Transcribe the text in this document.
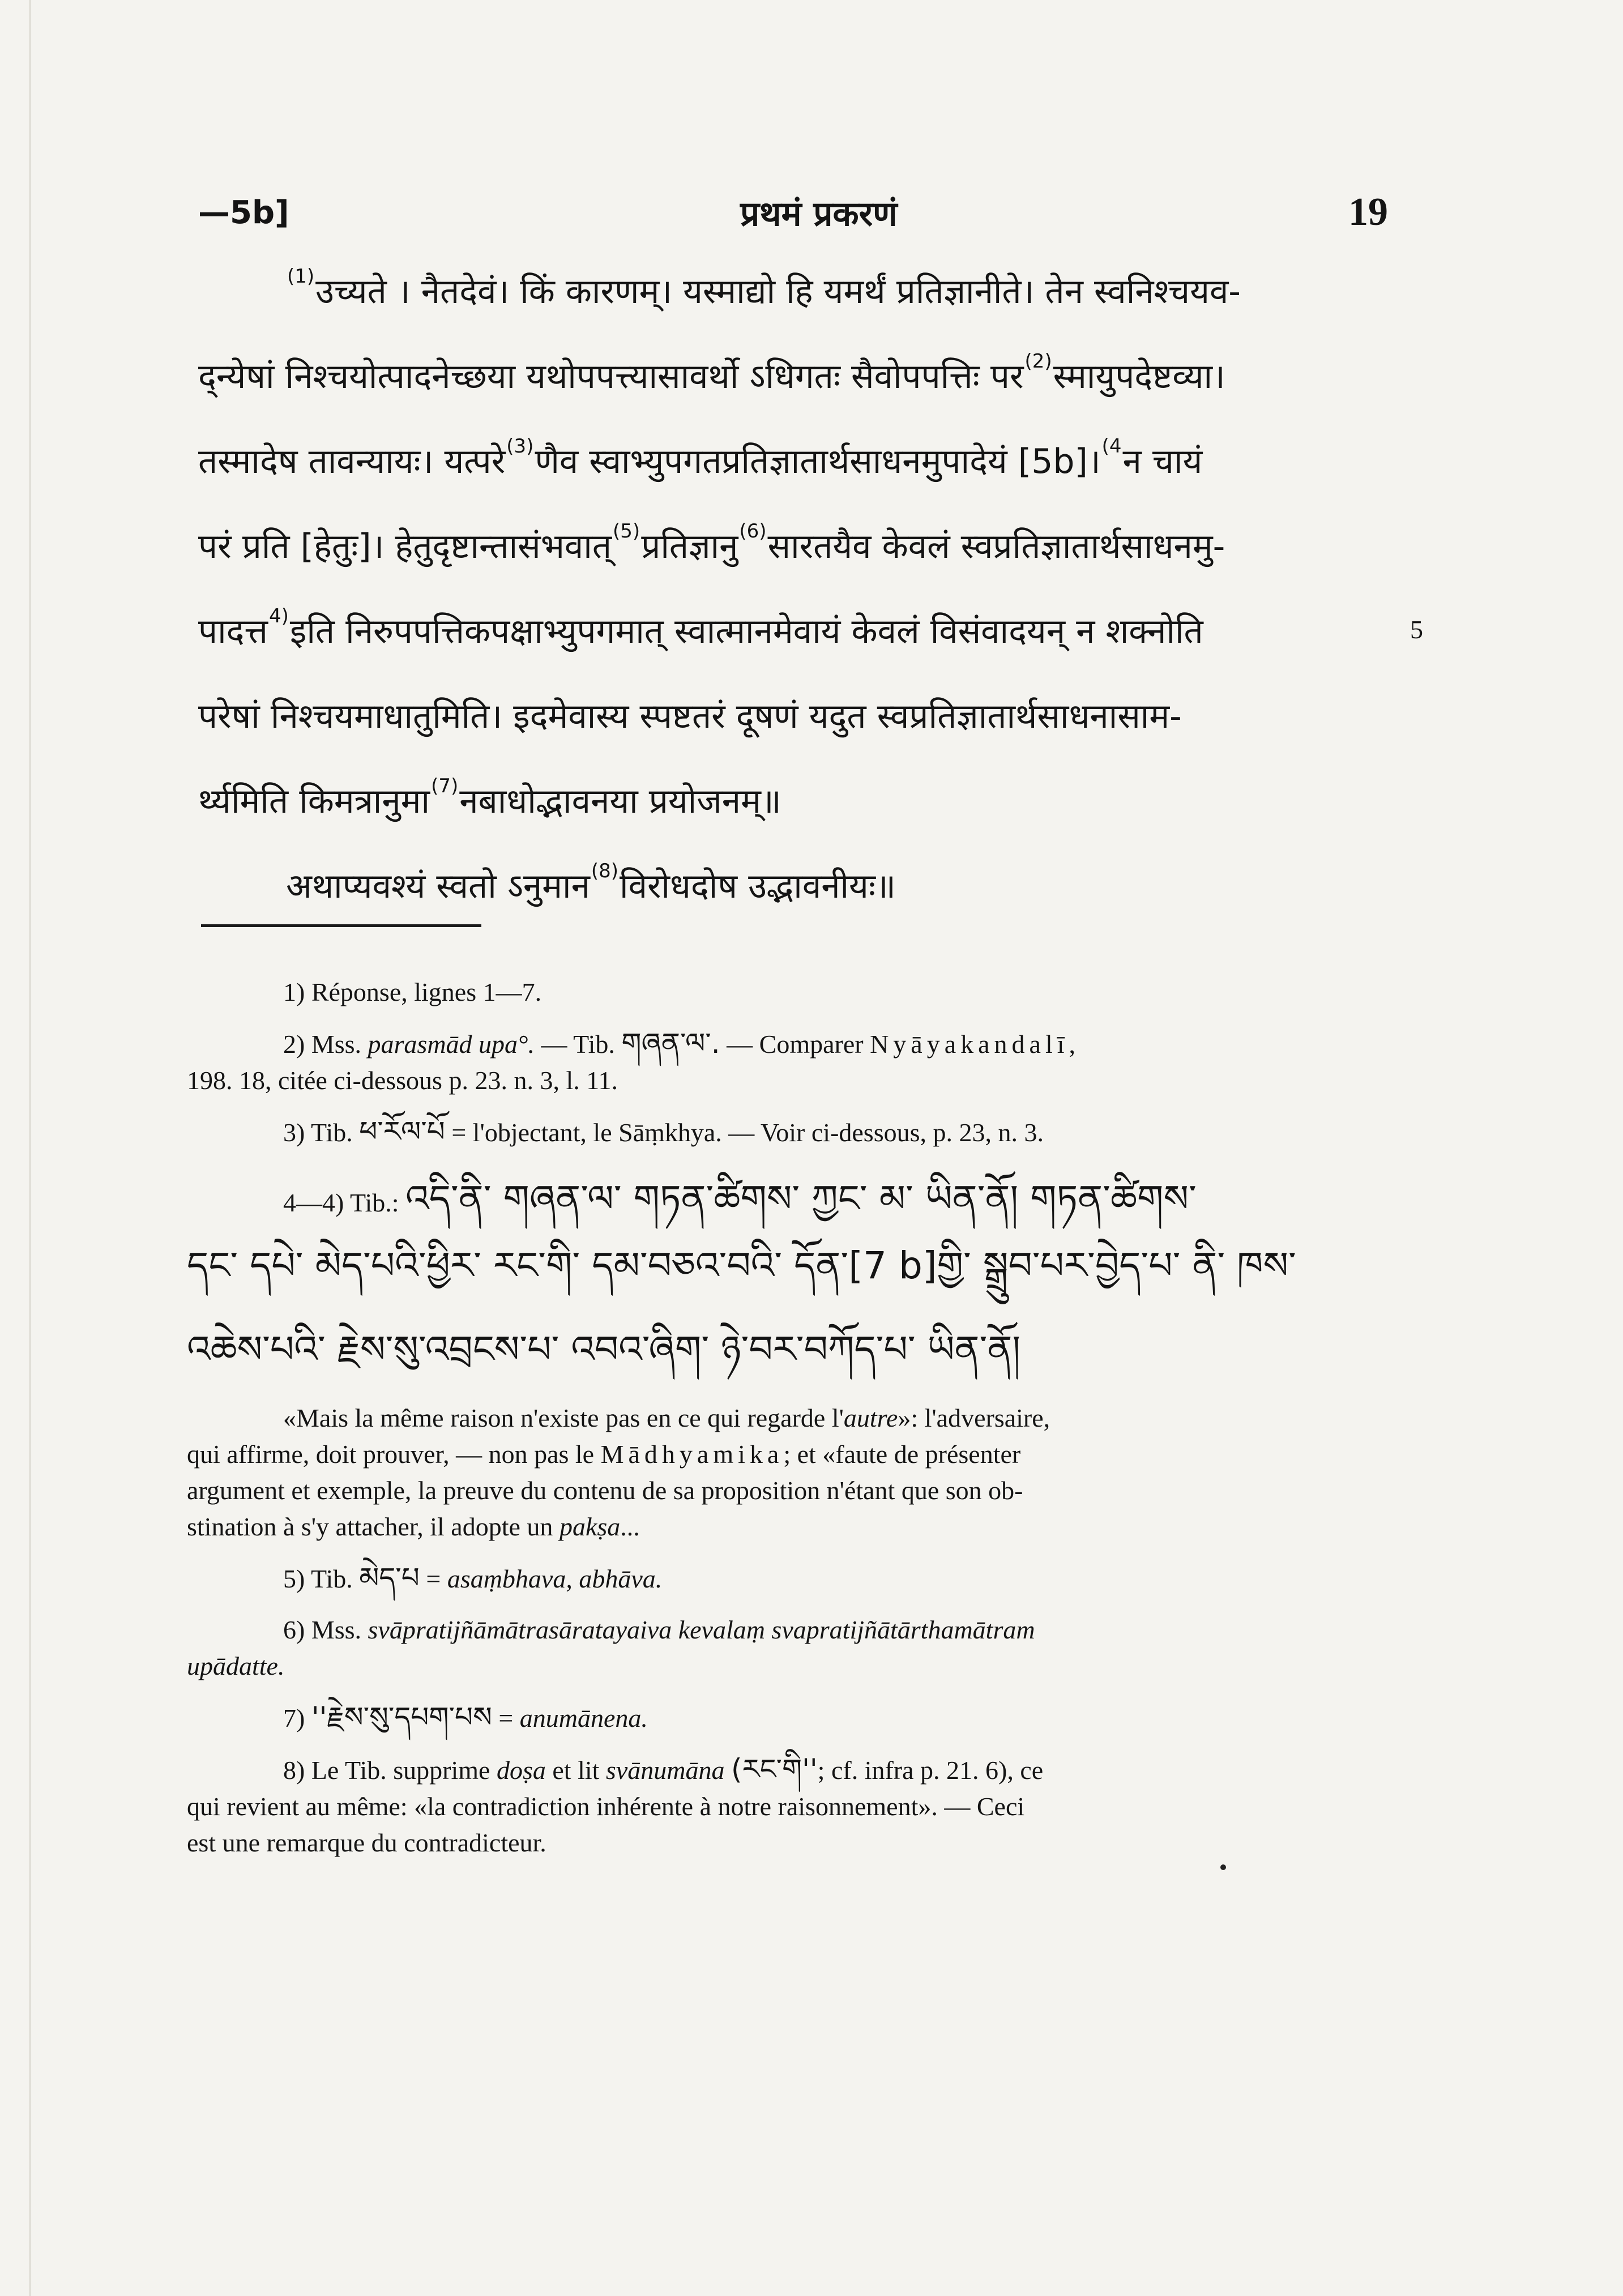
—5b]	प्रथमं प्रकरणं	19
$^{(1)}$उच्यते । नैतदेवं। किं कारणम्। यस्माद्यो हि यमर्थं प्रतिज्ञानीते। तेन स्वनिश्चयव-
द्न्येषां निश्चयोत्पादनेच्छया यथोपपत्त्यासावर्थो ऽधिगतः सैवोपपत्तिः पर$^{(2)}$स्मायुपदेष्टव्या।
तस्मादेष तावन्यायः। यत्परे$^{(3)}$णैव स्वाभ्युपगतप्रतिज्ञातार्थसाधनमुपादेयं [5b]।$^{(4}$न चायं
परं प्रति [हेतुः]। हेतुदृष्टान्तासंभवात्$^{(5)}$प्रतिज्ञानु$^{(6)}$सारतयैव केवलं स्वप्रतिज्ञातार्थसाधनमु-
पादत्त$^{4)}$इति निरुपपत्तिकपक्षाभ्युपगमात् स्वात्मानमेवायं केवलं विसंवादयन् न शक्नोति
परेषां निश्चयमाधातुमिति। इदमेवास्य स्पष्टतरं दूषणं यदुत स्वप्रतिज्ञातार्थसाधनासाम-
र्थ्यमिति किमत्रानुमा$^{(7)}$नबाधोद्भावनया प्रयोजनम्॥
अथाप्यवश्यं स्वतो ऽनुमान$^{(8)}$विरोधदोष उद्भावनीयः॥
5
1) Réponse, lignes 1—7.
2) Mss. parasmād upa°. — Tib. གཞན་ལ་. — Comparer Nyāyakandalī,
198. 18, citée ci-dessous p. 23. n. 3, l. 11.
3) Tib. ཕ་རོལ་པོ = l'objectant, le Sāṃkhya. — Voir ci-dessous, p. 23, n. 3.
4—4) Tib.: འདི་ནི་ གཞན་ལ་ གཏན་ཚིགས་ ཀྱང་ མ་ ཡིན་ནོ། གཏན་ཚིགས་
དང་ དཔེ་ མེད་པའི་ཕྱིར་ རང་གི་ དམ་བཅའ་བའི་ དོན་[7 b]གྱི་ སྒྲུབ་པར་བྱེད་པ་ ནི་ ཁས་
འཆེས་པའི་ རྗེས་སུ་འབྲངས་པ་ འབའ་ཞིག་ ཉེ་བར་བཀོད་པ་ ཡིན་ནོ།
«Mais la même raison n'existe pas en ce qui regarde l'autre»: l'adversaire,
qui affirme, doit prouver, — non pas le Mādhyamika; et «faute de présenter
argument et exemple, la preuve du contenu de sa proposition n'étant que son ob-
stination à s'y attacher, il adopte un pakṣa...
5) Tib. མེད་པ = asaṃbhava, abhāva.
6) Mss. svāpratijñāmātrasāratayaiva kevalaṃ svapratijñātārthamātram
upādatte.
7) ''རྗེས་སུ་དཔག་པས = anumānena.
8) Le Tib. supprime doṣa et lit svānumāna (རང་གི''; cf. infra p. 21. 6), ce
qui revient au même: «la contradiction inhérente à notre raisonnement». — Ceci
est une remarque du contradicteur.
